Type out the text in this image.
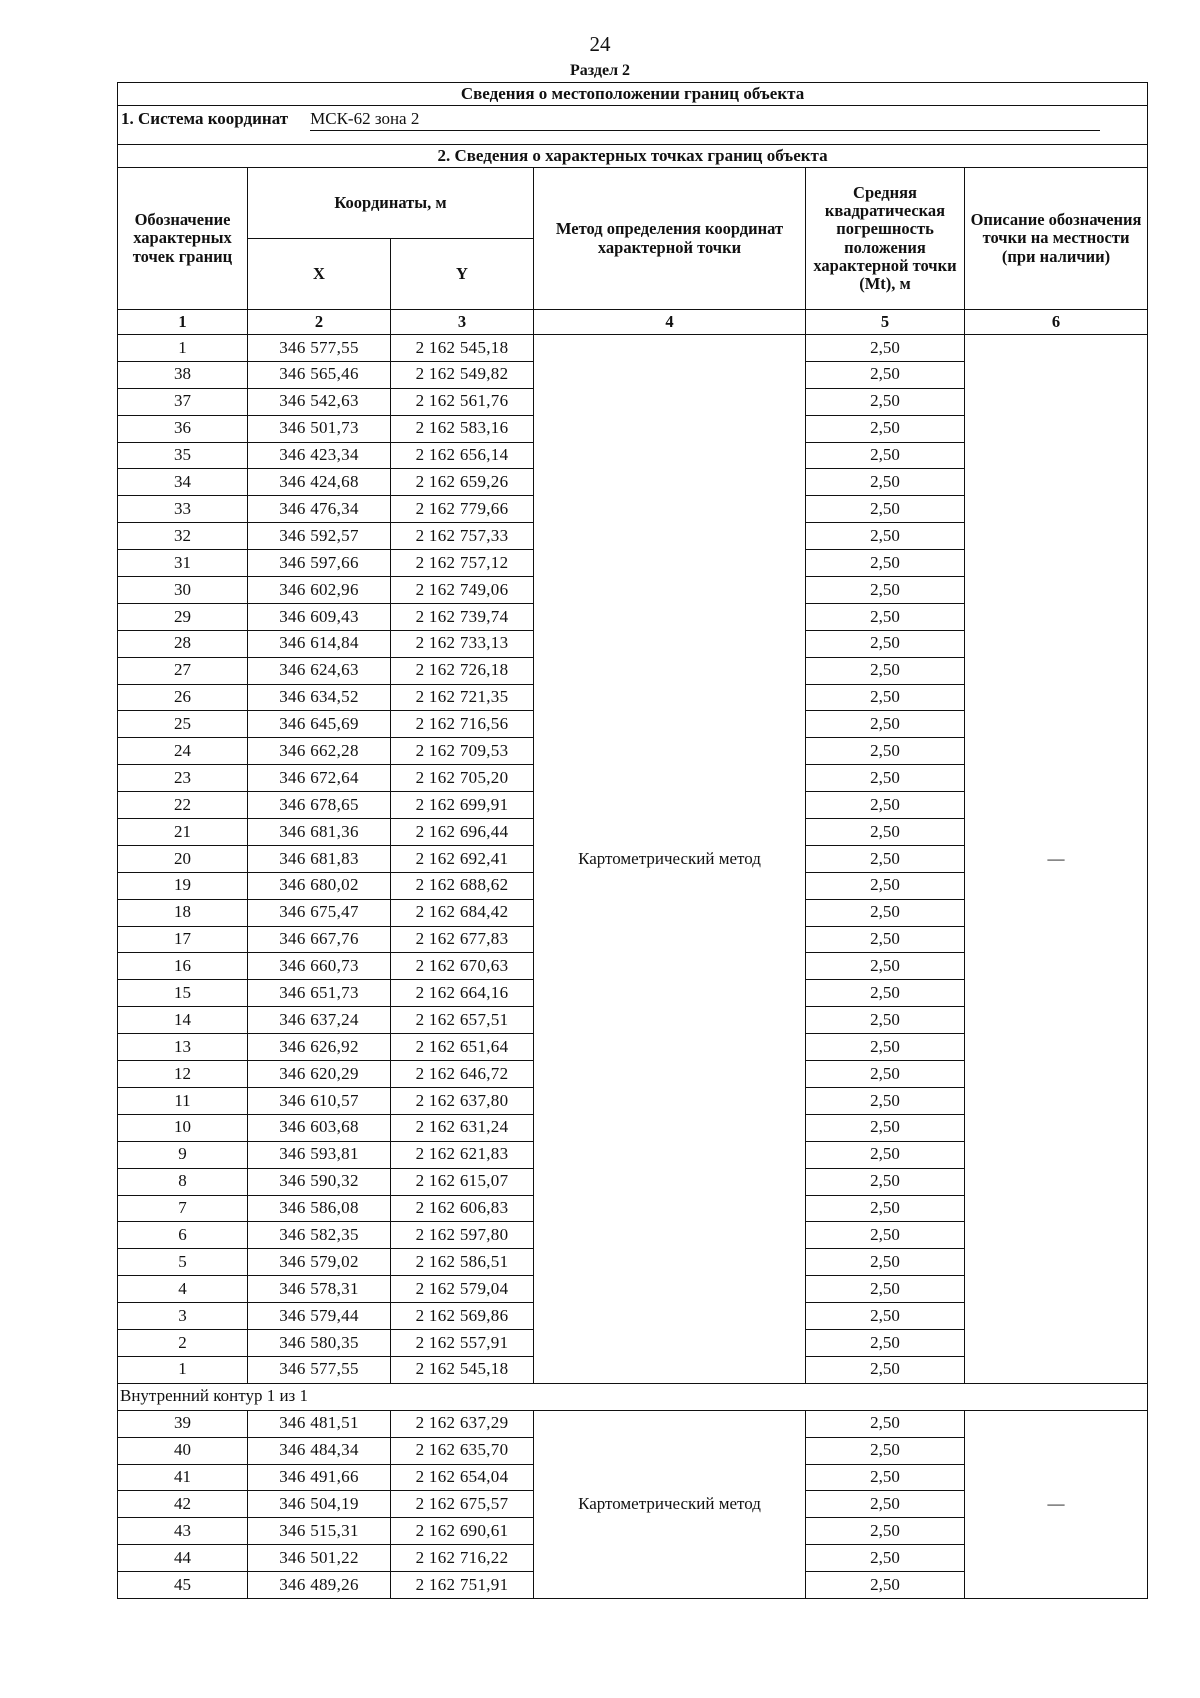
24
Раздел 2
Сведения о местоположении границ объекта					
1. Система координат МСК-62 зона 2					
2. Сведения о характерных точках границ объекта					
Обозначение характерных точек границ	Координаты, м		Метод определения координат характерной точки	Средняя квадратическая погрешность положения характерной точки (Mt), м	Описание обозначения точки на местности (при наличии)
	X	Y			
1	2	3	4	5	6
1	346 577,55	2 162 545,18	Картометрический метод	2,50	—
38	346 565,46	2 162 549,82		2,50	
37	346 542,63	2 162 561,76		2,50	
36	346 501,73	2 162 583,16		2,50	
35	346 423,34	2 162 656,14		2,50	
34	346 424,68	2 162 659,26		2,50	
33	346 476,34	2 162 779,66		2,50	
32	346 592,57	2 162 757,33		2,50	
31	346 597,66	2 162 757,12		2,50	
30	346 602,96	2 162 749,06		2,50	
29	346 609,43	2 162 739,74		2,50	
28	346 614,84	2 162 733,13		2,50	
27	346 624,63	2 162 726,18		2,50	
26	346 634,52	2 162 721,35		2,50	
25	346 645,69	2 162 716,56		2,50	
24	346 662,28	2 162 709,53		2,50	
23	346 672,64	2 162 705,20		2,50	
22	346 678,65	2 162 699,91		2,50	
21	346 681,36	2 162 696,44		2,50	
20	346 681,83	2 162 692,41		2,50	
19	346 680,02	2 162 688,62		2,50	
18	346 675,47	2 162 684,42		2,50	
17	346 667,76	2 162 677,83		2,50	
16	346 660,73	2 162 670,63		2,50	
15	346 651,73	2 162 664,16		2,50	
14	346 637,24	2 162 657,51		2,50	
13	346 626,92	2 162 651,64		2,50	
12	346 620,29	2 162 646,72		2,50	
11	346 610,57	2 162 637,80		2,50	
10	346 603,68	2 162 631,24		2,50	
9	346 593,81	2 162 621,83		2,50	
8	346 590,32	2 162 615,07		2,50	
7	346 586,08	2 162 606,83		2,50	
6	346 582,35	2 162 597,80		2,50	
5	346 579,02	2 162 586,51		2,50	
4	346 578,31	2 162 579,04		2,50	
3	346 579,44	2 162 569,86		2,50	
2	346 580,35	2 162 557,91		2,50	
1	346 577,55	2 162 545,18		2,50	
Внутренний контур 1 из 1					
39	346 481,51	2 162 637,29	Картометрический метод	2,50	—
40	346 484,34	2 162 635,70		2,50	
41	346 491,66	2 162 654,04		2,50	
42	346 504,19	2 162 675,57		2,50	
43	346 515,31	2 162 690,61		2,50	
44	346 501,22	2 162 716,22		2,50	
45	346 489,26	2 162 751,91		2,50	
